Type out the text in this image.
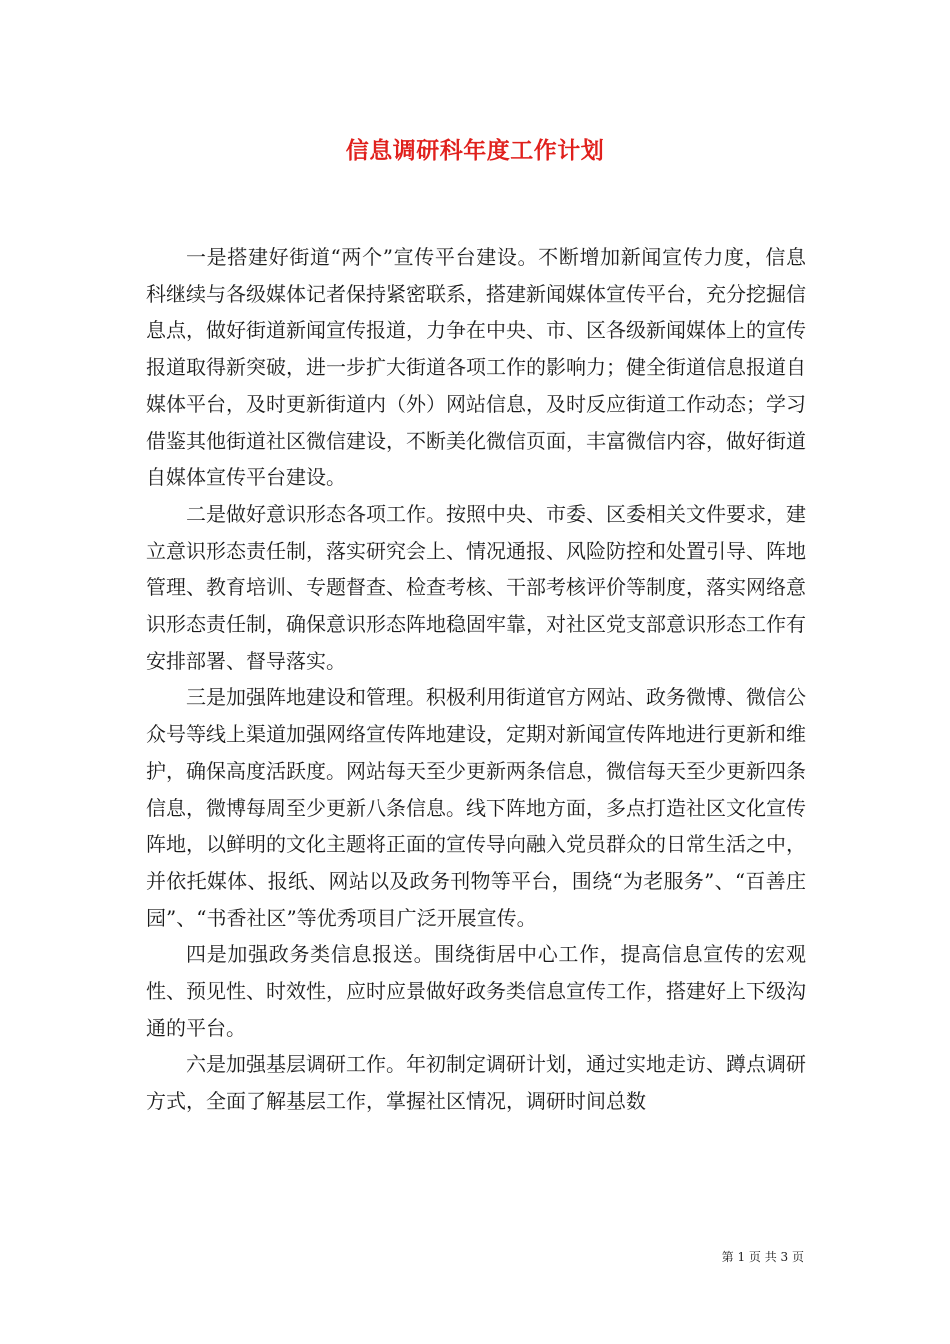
信息调研科年度工作计划

一是搭建好街道“两个”宣传平台建设。不断增加新闻宣传力度，信息科继续与各级媒体记者保持紧密联系，搭建新闻媒体宣传平台，充分挖掘信息点，做好街道新闻宣传报道，力争在中央、市、区各级新闻媒体上的宣传报道取得新突破，进一步扩大街道各项工作的影响力；健全街道信息报道自媒体平台，及时更新街道内（外）网站信息，及时反应街道工作动态；学习借鉴其他街道社区微信建设，不断美化微信页面，丰富微信内容，做好街道自媒体宣传平台建设。

二是做好意识形态各项工作。按照中央、市委、区委相关文件要求，建立意识形态责任制，落实研究会上、情况通报、风险防控和处置引导、阵地管理、教育培训、专题督查、检查考核、干部考核评价等制度，落实网络意识形态责任制，确保意识形态阵地稳固牢靠，对社区党支部意识形态工作有安排部署、督导落实。

三是加强阵地建设和管理。积极利用街道官方网站、政务微博、微信公众号等线上渠道加强网络宣传阵地建设，定期对新闻宣传阵地进行更新和维护，确保高度活跃度。网站每天至少更新两条信息，微信每天至少更新四条信息，微博每周至少更新八条信息。线下阵地方面，多点打造社区文化宣传阵地，以鲜明的文化主题将正面的宣传导向融入党员群众的日常生活之中，并依托媒体、报纸、网站以及政务刊物等平台，围绕“为老服务”、“百善庄园”、“书香社区”等优秀项目广泛开展宣传。

四是加强政务类信息报送。围绕街居中心工作，提高信息宣传的宏观性、预见性、时效性，应时应景做好政务类信息宣传工作，搭建好上下级沟通的平台。

六是加强基层调研工作。年初制定调研计划，通过实地走访、蹲点调研方式，全面了解基层工作，掌握社区情况，调研时间总数

第 1 页 共 3 页
